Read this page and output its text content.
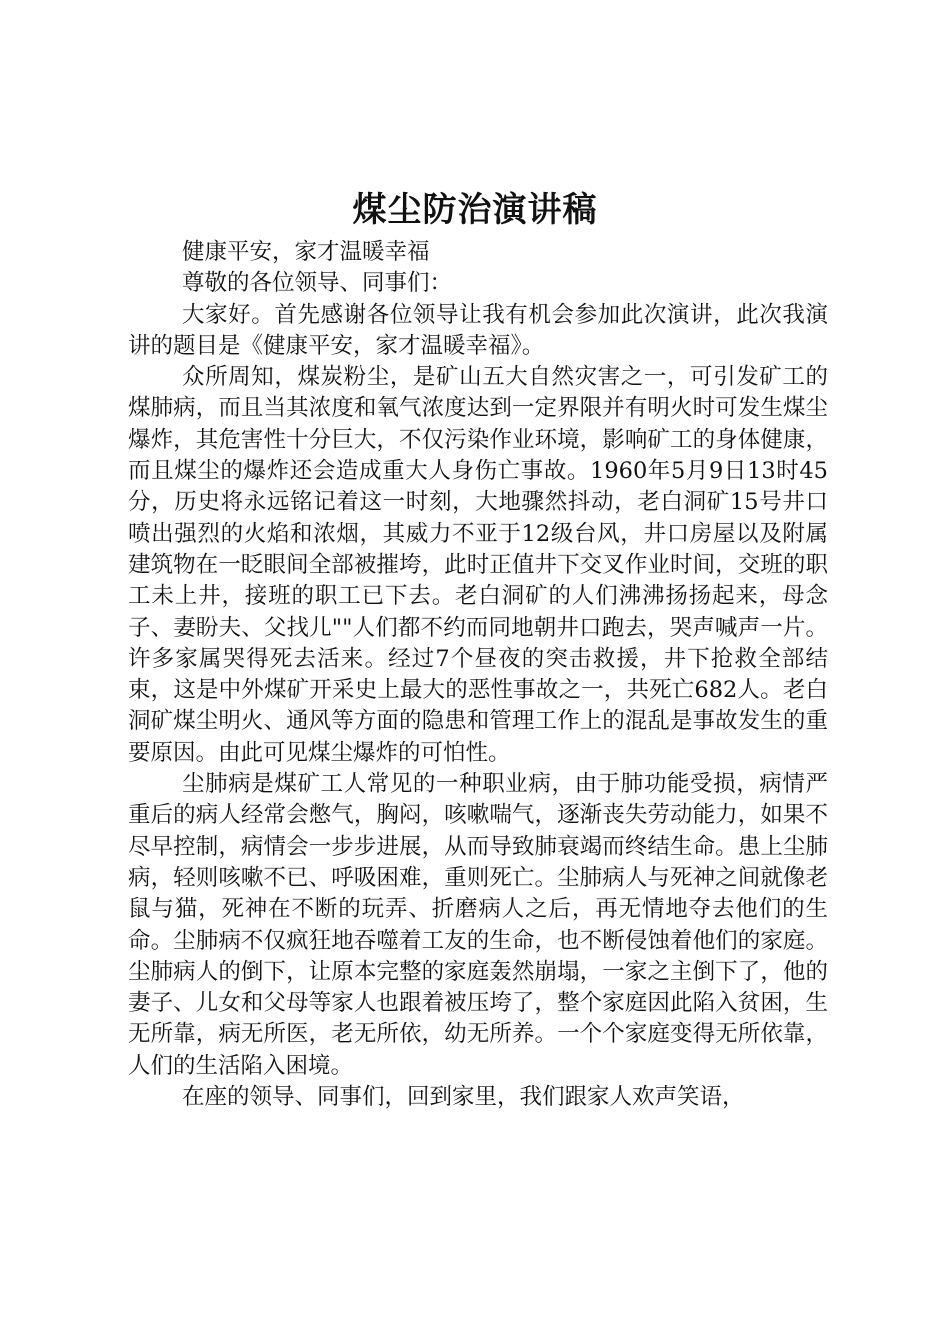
煤尘防治演讲稿

健康平安，家才温暖幸福

尊敬的各位领导、同事们：

大家好。首先感谢各位领导让我有机会参加此次演讲，此次我演讲的题目是《健康平安，家才温暖幸福》。

众所周知，煤炭粉尘，是矿山五大自然灾害之一，可引发矿工的煤肺病，而且当其浓度和氧气浓度达到一定界限并有明火时可发生煤尘爆炸，其危害性十分巨大，不仅污染作业环境，影响矿工的身体健康，而且煤尘的爆炸还会造成重大人身伤亡事故。1960年5月9日13时45分，历史将永远铭记着这一时刻，大地骤然抖动，老白洞矿15号井口喷出强烈的火焰和浓烟，其威力不亚于12级台风，井口房屋以及附属建筑物在一眨眼间全部被摧垮，此时正值井下交叉作业时间，交班的职工未上井，接班的职工已下去。老白洞矿的人们沸沸扬扬起来，母念子、妻盼夫、父找儿""人们都不约而同地朝井口跑去，哭声喊声一片。许多家属哭得死去活来。经过7个昼夜的突击救援，井下抢救全部结束，这是中外煤矿开采史上最大的恶性事故之一，共死亡682人。老白洞矿煤尘明火、通风等方面的隐患和管理工作上的混乱是事故发生的重要原因。由此可见煤尘爆炸的可怕性。

尘肺病是煤矿工人常见的一种职业病，由于肺功能受损，病情严重后的病人经常会憋气，胸闷，咳嗽喘气，逐渐丧失劳动能力，如果不尽早控制，病情会一步步进展，从而导致肺衰竭而终结生命。患上尘肺病，轻则咳嗽不已、呼吸困难，重则死亡。尘肺病人与死神之间就像老鼠与猫，死神在不断的玩弄、折磨病人之后，再无情地夺去他们的生命。尘肺病不仅疯狂地吞噬着工友的生命，也不断侵蚀着他们的家庭。尘肺病人的倒下，让原本完整的家庭轰然崩塌，一家之主倒下了，他的妻子、儿女和父母等家人也跟着被压垮了，整个家庭因此陷入贫困，生无所靠，病无所医，老无所依，幼无所养。一个个家庭变得无所依靠，人们的生活陷入困境。

在座的领导、同事们，回到家里，我们跟家人欢声笑语，
